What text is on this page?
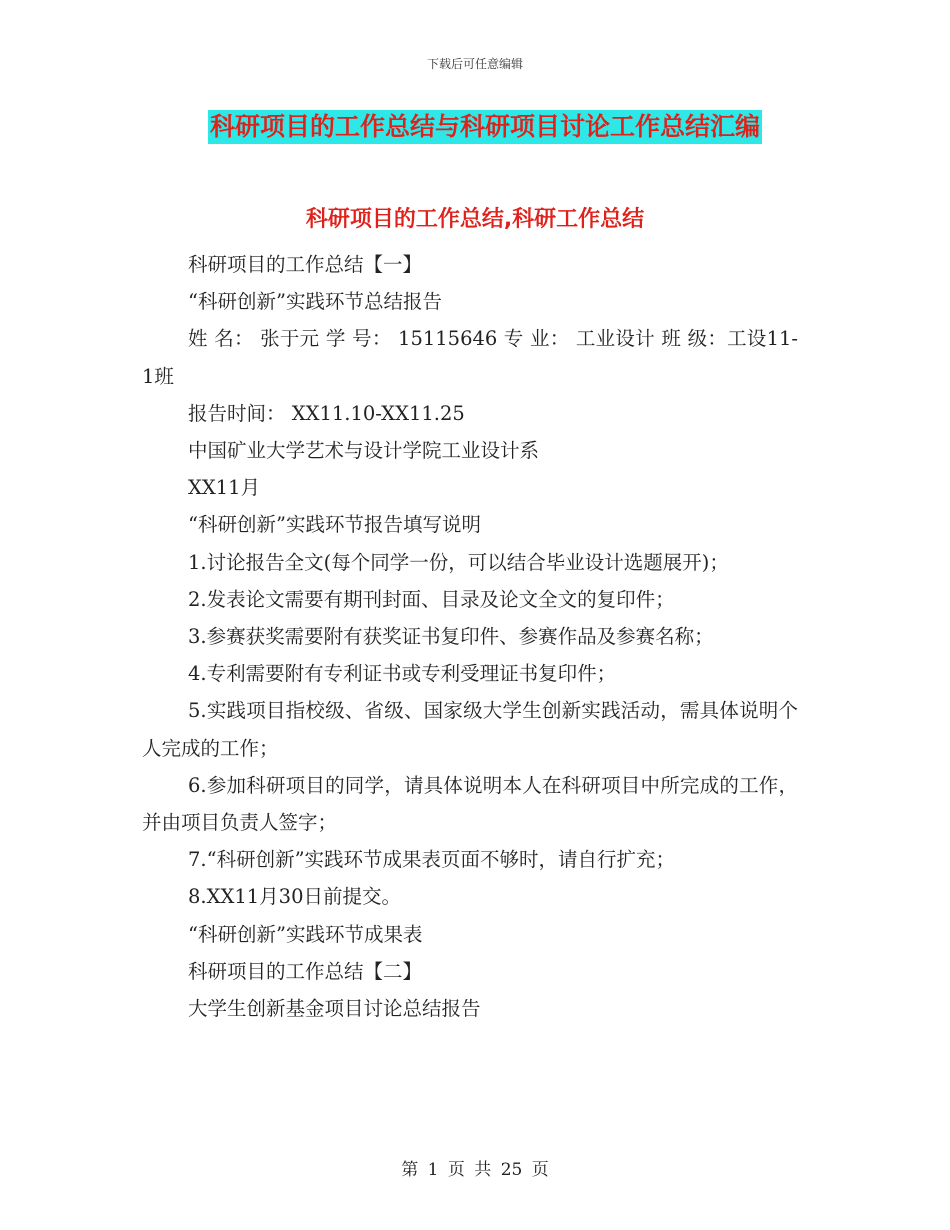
下载后可任意编辑
科研项目的工作总结与科研项目讨论工作总结汇编
科研项目的工作总结,科研工作总结

科研项目的工作总结【一】

“科研创新”实践环节总结报告

姓 名： 张于元 学 号： 15115646 专 业： 工业设计 班 级：工设11-1班

报告时间： XX11.10-XX11.25

中国矿业大学艺术与设计学院工业设计系

XX11月

“科研创新”实践环节报告填写说明

1.讨论报告全文(每个同学一份，可以结合毕业设计选题展开)；

2.发表论文需要有期刊封面、目录及论文全文的复印件；

3.参赛获奖需要附有获奖证书复印件、参赛作品及参赛名称；

4.专利需要附有专利证书或专利受理证书复印件；

5.实践项目指校级、省级、国家级大学生创新实践活动，需具体说明个人完成的工作；

6.参加科研项目的同学，请具体说明本人在科研项目中所完成的工作，并由项目负责人签字；

7.“科研创新”实践环节成果表页面不够时，请自行扩充；

8.XX11月30日前提交。

“科研创新”实践环节成果表

科研项目的工作总结【二】

大学生创新基金项目讨论总结报告

第 1 页 共 25 页
